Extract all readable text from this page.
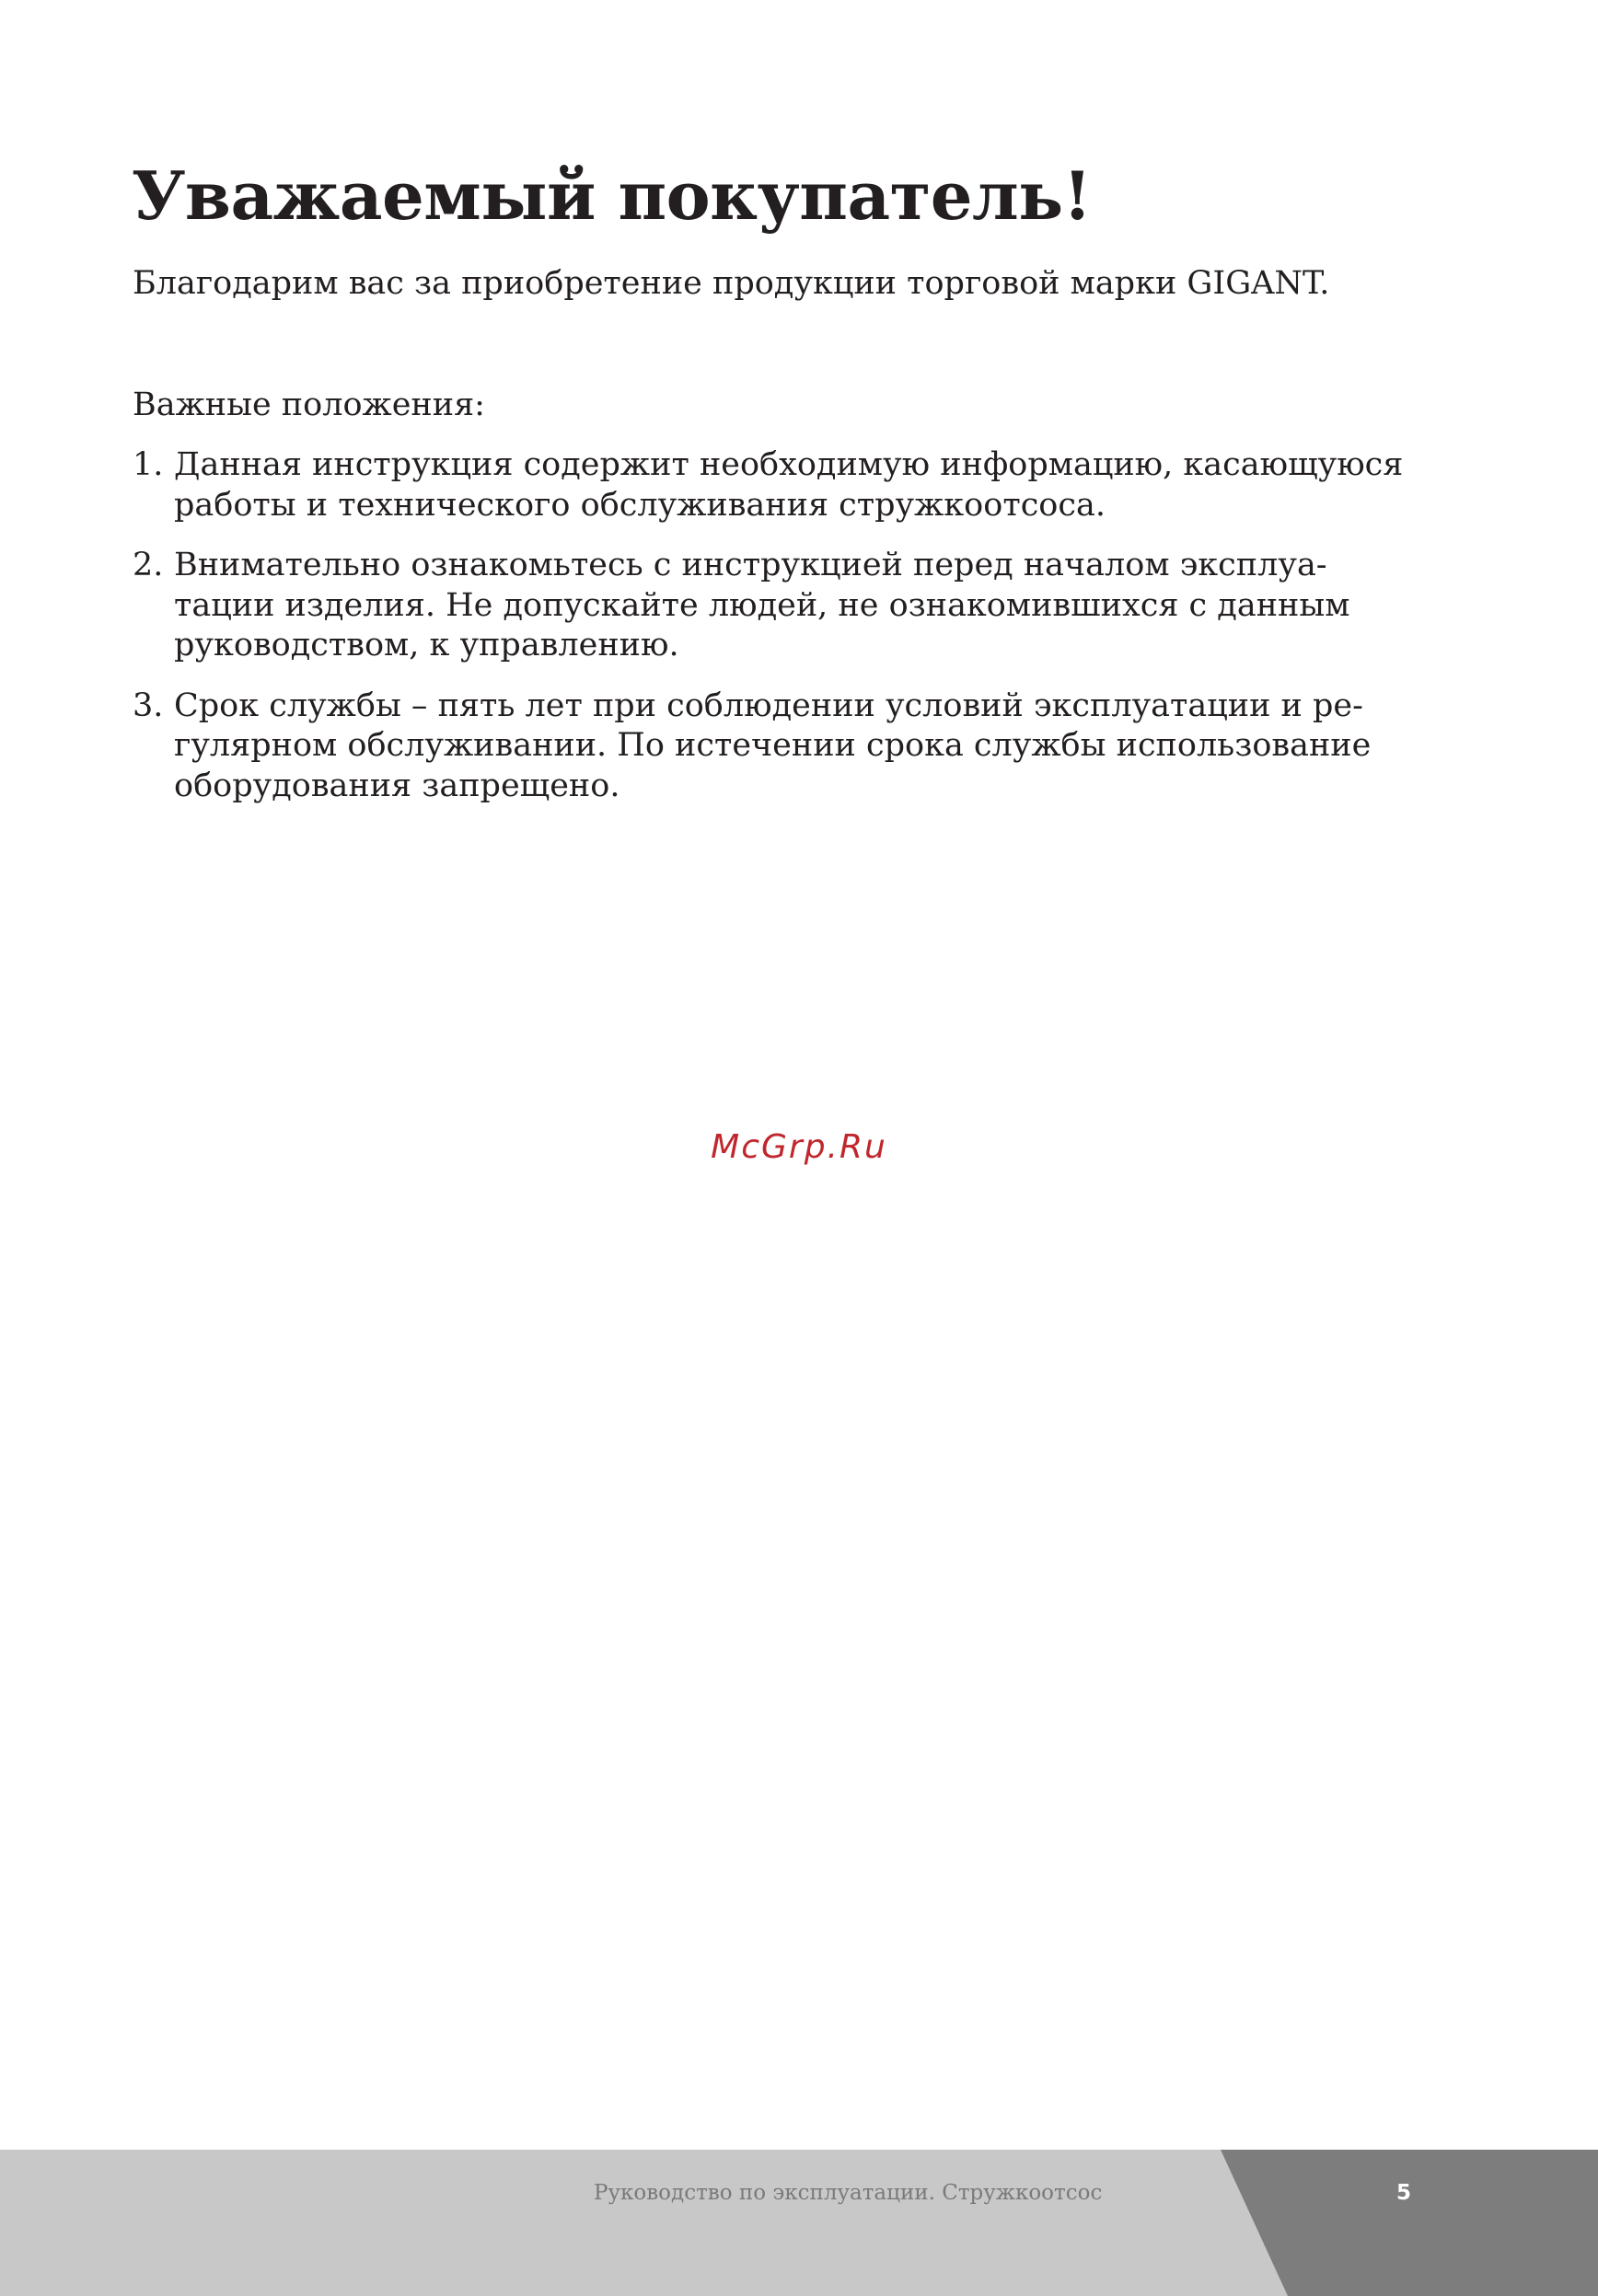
Уважаемый покупатель!

Благодарим вас за приобретение продукции торговой марки GIGANT.

Важные положения:

1. Данная инструкция содержит необходимую информацию, касающуюся
работы и технического обслуживания стружкоотсоса.
2. Внимательно ознакомьтесь с инструкцией перед началом эксплуа-
тации изделия. Не допускайте людей, не ознакомившихся с данным
руководством, к управлению.
3. Срок службы – пять лет при соблюдении условий эксплуатации и ре-
гулярном обслуживании. По истечении срока службы использование
оборудования запрещено.
McGrp.Ru
Руководство по эксплуатации. Стружкоотсос	5
